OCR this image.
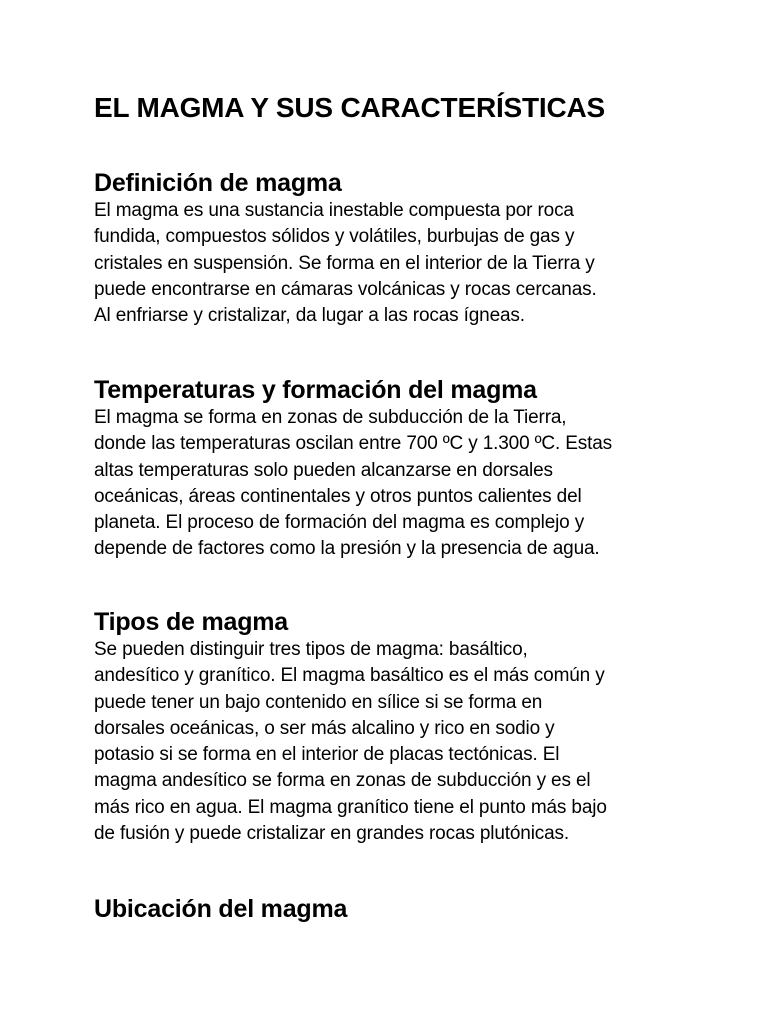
EL MAGMA Y SUS CARACTERÍSTICAS
Definición de magma

El magma es una sustancia inestable compuesta por roca
fundida, compuestos sólidos y volátiles, burbujas de gas y
cristales en suspensión. Se forma en el interior de la Tierra y
puede encontrarse en cámaras volcánicas y rocas cercanas.
Al enfriarse y cristalizar, da lugar a las rocas ígneas.

Temperaturas y formación del magma

El magma se forma en zonas de subducción de la Tierra,
donde las temperaturas oscilan entre 700 ºC y 1.300 ºC. Estas
altas temperaturas solo pueden alcanzarse en dorsales
oceánicas, áreas continentales y otros puntos calientes del
planeta. El proceso de formación del magma es complejo y
depende de factores como la presión y la presencia de agua.

Tipos de magma

Se pueden distinguir tres tipos de magma: basáltico,
andesítico y granítico. El magma basáltico es el más común y
puede tener un bajo contenido en sílice si se forma en
dorsales oceánicas, o ser más alcalino y rico en sodio y
potasio si se forma en el interior de placas tectónicas. El
magma andesítico se forma en zonas de subducción y es el
más rico en agua. El magma granítico tiene el punto más bajo
de fusión y puede cristalizar en grandes rocas plutónicas.

Ubicación del magma
